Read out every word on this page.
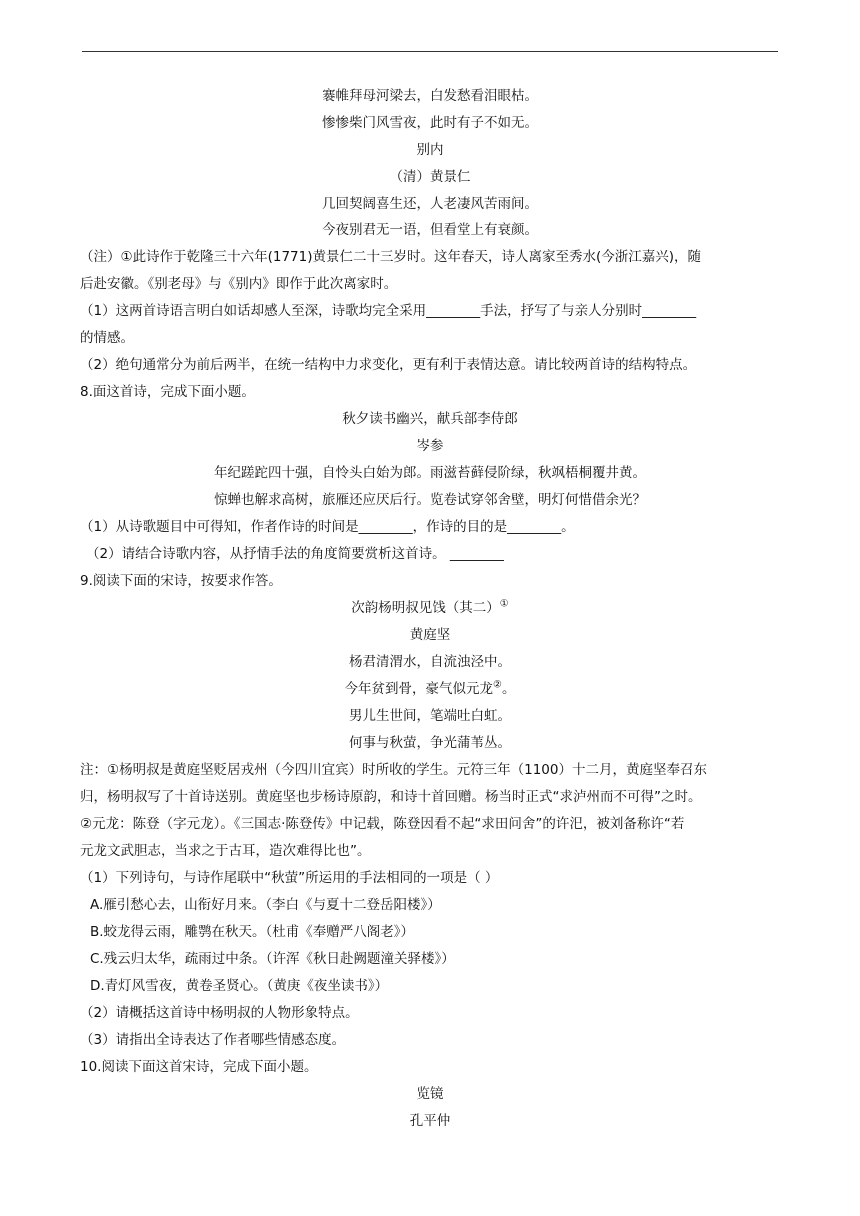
褰帷拜母河梁去，白发愁看泪眼枯。
惨惨柴门风雪夜，此时有子不如无。
别内
（清）黄景仁
几回契阔喜生还，人老凄风苦雨间。
今夜别君无一语，但看堂上有衰颜。
（注）①此诗作于乾隆三十六年(1771)黄景仁二十三岁时。这年春天，诗人离家至秀水(今浙江嘉兴)，随
后赴安徽。《别老母》与《别内》即作于此次离家时。
（1）这两首诗语言明白如话却感人至深，诗歌均完全采用________手法，抒写了与亲人分别时________
的情感。
（2）绝句通常分为前后两半，在统一结构中力求变化，更有利于表情达意。请比较两首诗的结构特点。
8.面这首诗，完成下面小题。
秋夕读书幽兴，献兵部李侍郎
岑参
年纪蹉跎四十强，自怜头白始为郎。雨滋苔藓侵阶绿，秋飒梧桐覆井黄。
惊蝉也解求高树，旅雁还应厌后行。览卷试穿邻舍壁，明灯何惜借余光？
（1）从诗歌题目中可得知，作者作诗的时间是________，作诗的目的是________。
（2）请结合诗歌内容，从抒情手法的角度简要赏析这首诗。 ________
9.阅读下面的宋诗，按要求作答。
次韵杨明叔见饯（其二）①
黄庭坚
杨君清渭水，自流浊泾中。
今年贫到骨，豪气似元龙②。
男儿生世间，笔端吐白虹。
何事与秋萤，争光蒲苇丛。
注：①杨明叔是黄庭坚贬居戎州（今四川宜宾）时所收的学生。元符三年（1100）十二月，黄庭坚奉召东
归，杨明叔写了十首诗送别。黄庭坚也步杨诗原韵，和诗十首回赠。杨当时正式“求泸州而不可得”之时。
②元龙：陈登（字元龙）。《三国志·陈登传》中记载，陈登因看不起“求田问舍”的许汜，被刘备称许“若
元龙文武胆志，当求之于古耳，造次难得比也”。
（1）下列诗句，与诗作尾联中“秋萤”所运用的手法相同的一项是（ ）
A.雁引愁心去，山衔好月来。（李白《与夏十二登岳阳楼》）
B.蛟龙得云雨，雕鹗在秋天。（杜甫《奉赠严八阁老》）
C.残云归太华，疏雨过中条。（许浑《秋日赴阙题潼关驿楼》）
D.青灯风雪夜，黄卷圣贤心。（黄庚《夜坐读书》）
（2）请概括这首诗中杨明叔的人物形象特点。
（3）请指出全诗表达了作者哪些情感态度。
10.阅读下面这首宋诗，完成下面小题。
览镜
孔平仲
